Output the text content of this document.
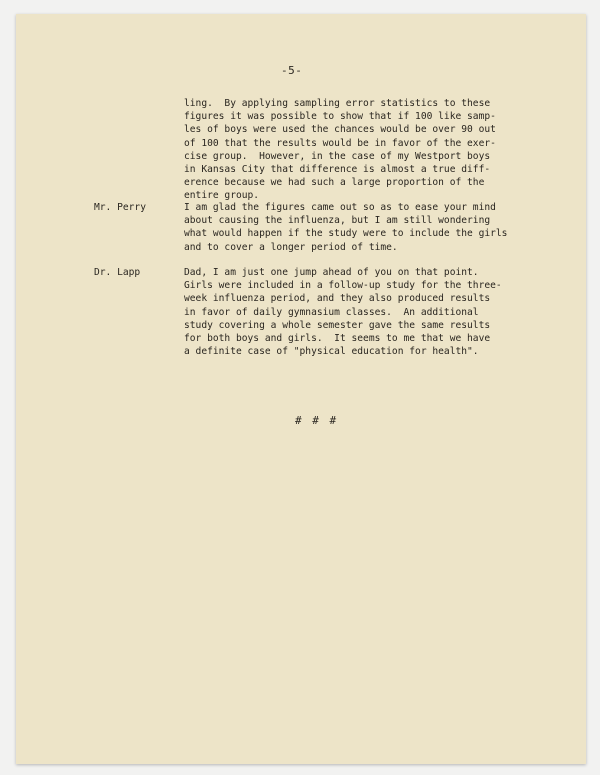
-5-
ling.  By applying sampling error statistics to these
figures it was possible to show that if 100 like samp-
les of boys were used the chances would be over 90 out
of 100 that the results would be in favor of the exer-
cise group.  However, in the case of my Westport boys
in Kansas City that difference is almost a true diff-
erence because we had such a large proportion of the
entire group.
Mr. Perry	I am glad the figures came out so as to ease your mind
about causing the influenza, but I am still wondering
what would happen if the study were to include the girls
and to cover a longer period of time.
Dr. Lapp	Dad, I am just one jump ahead of you on that point.
Girls were included in a follow-up study for the three-
week influenza period, and they also produced results
in favor of daily gymnasium classes.  An additional
study covering a whole semester gave the same results
for both boys and girls.  It seems to me that we have
a definite case of "physical education for health".
# # #
